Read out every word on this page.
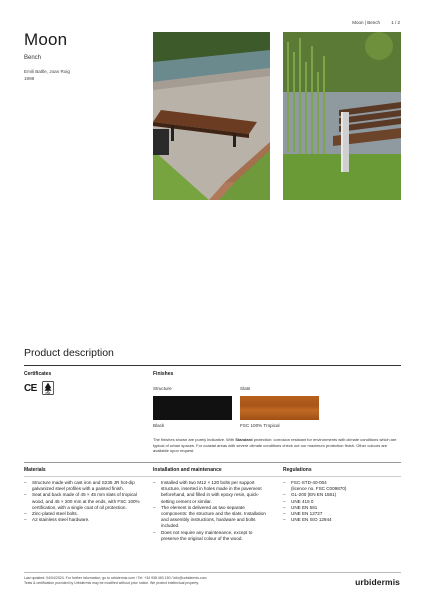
Moon | Bench	1 / 2
Moon
Bench
Emili Batlle, Joan Roig
1998
Product description
Certificates	Finishes
CE	FSC
Structure	Slats
Black	FSC 100% Tropical
The finishes shown are purely indicative. With Standard protection: corrosion resistant for environments with climate conditions which are typical of urban spaces. For coastal areas with severe climate conditions check out our maximum protection finish. Other colours are available upon request.
Materials	Installation and maintenance	Regulations
– Structure made with cast iron and S235 JR hot-dip galvanized steel profiles with a painted finish.
– Seat and back made of 45 × 45 mm slats of tropical wood, and 45 × 200 mm at the ends, with FSC 100% certification, with a single coat of oil protection.
– Zinc-plated steel bolts.
– A2 stainless steel hardware.
– Installed with two M12 × 120 bolts per support structure, inserted in holes made in the pavement beforehand, and filled in with epoxy resin, quick-setting cement or similar.
– The element is delivered as two separate components: the structure and the slats. Installation and assembly instructions, hardware and bolts included.
– Does not require any maintenance, except to preserve the original colour of the wood.
– FSC-STD-40-004
(licence no. FSC C009870)
– GL-200 (EN EN 1581)
– UNE 415 0
– UNE EN 581
– UNE EN 12727
– UNE EN ISO 12944
Last updated: 04/04/2024. For further information, go to urbidermis.com / Tel. +34 938 463 150 / info@urbidermis.com
Tests & certification provided by Urbidermis may be modified without prior notice. We protect intellectual property.	urbidermis
